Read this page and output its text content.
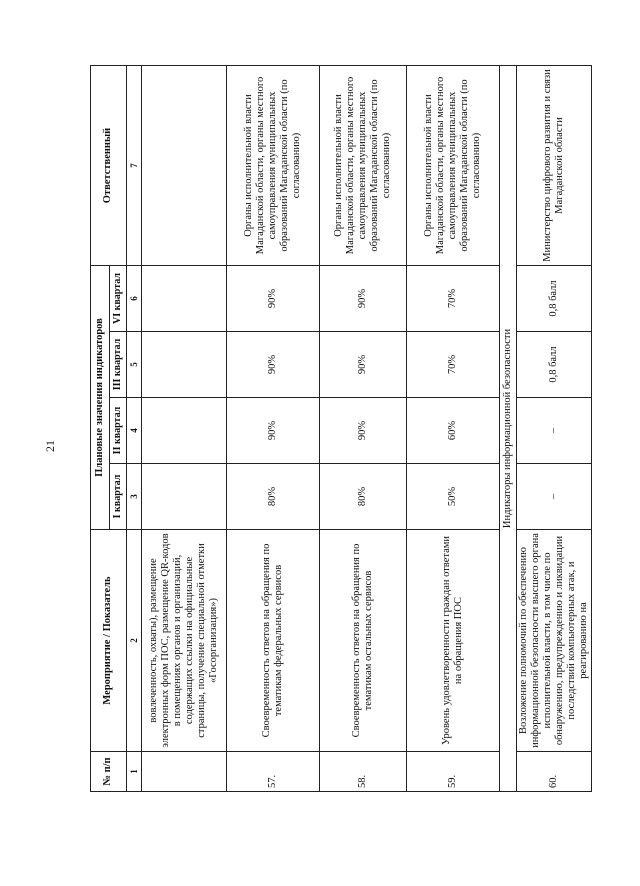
21
№ п/п	Мероприятие / Показатель	Плановые значения индикаторов				Ответственный
		I квартал	II квартал	III квартал	VI квартал	
1	2	3	4	5	6	7
	вовлеченность, охваты), размещение электронных форм ПОС, размещение QR-кодов в помещениях органов и организаций, содержащих ссылки на официальные страницы, получение специальной отметки «Госорганизация»)					
57.	Своевременность ответов на обращения по тематикам федеральных сервисов	80%	90%	90%	90%	Органы исполнительной власти Магаданской области, органы местного самоуправления муниципальных образований Магаданской области (по согласованию)
58.	Своевременность ответов на обращения по тематикам остальных сервисов	80%	90%	90%	90%	Органы исполнительной власти Магаданской области, органы местного самоуправления муниципальных образований Магаданской области (по согласованию)
59.	Уровень удовлетворенности граждан ответами на обращения ПОС	50%	60%	70%	70%	Органы исполнительной власти Магаданской области, органы местного самоуправления муниципальных образований Магаданской области (по согласованию)
Индикаторы информационной безопасности						
60.	Возложение полномочий по обеспечению информационной безопасности высшего органа исполнительной власти, в том числе по обнаружению, предупреждению и ликвидации последствий компьютерных атак, и реагированию на	–	–	0,8 балл	0,8 балл	Министерство цифрового развития и связи Магаданской области
